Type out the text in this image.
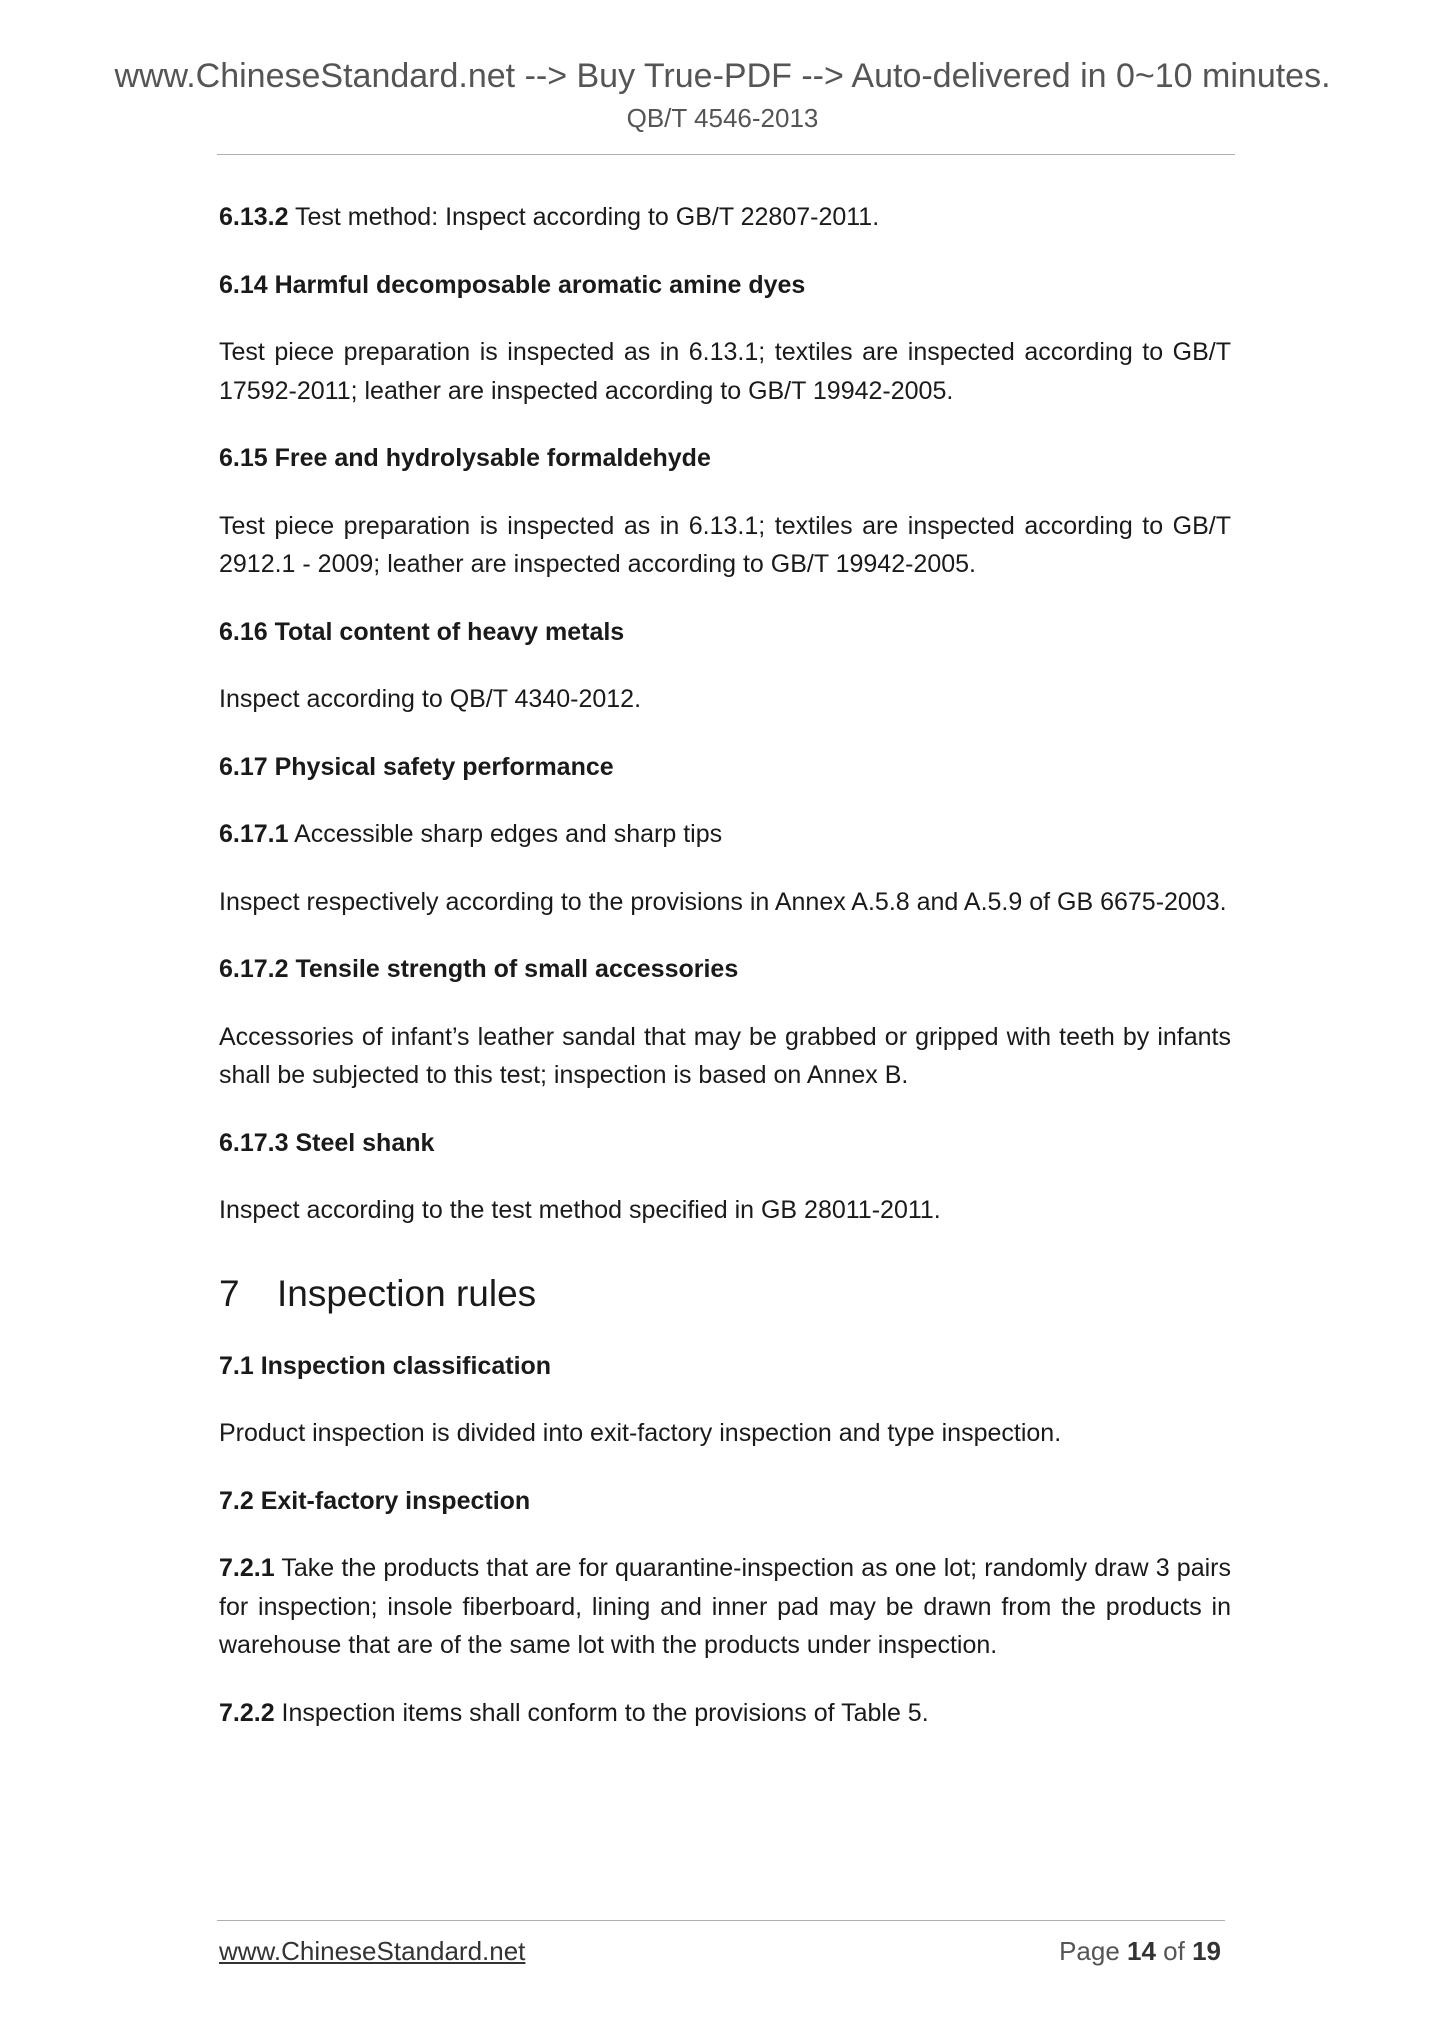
www.ChineseStandard.net --> Buy True-PDF --> Auto-delivered in 0~10 minutes.
QB/T 4546-2013

6.13.2 Test method: Inspect according to GB/T 22807-2011.

6.14 Harmful decomposable aromatic amine dyes

Test piece preparation is inspected as in 6.13.1; textiles are inspected according to GB/T 17592-2011; leather are inspected according to GB/T 19942-2005.

6.15 Free and hydrolysable formaldehyde

Test piece preparation is inspected as in 6.13.1; textiles are inspected according to GB/T 2912.1 - 2009; leather are inspected according to GB/T 19942-2005.

6.16 Total content of heavy metals

Inspect according to QB/T 4340-2012.

6.17 Physical safety performance

6.17.1 Accessible sharp edges and sharp tips

Inspect respectively according to the provisions in Annex A.5.8 and A.5.9 of GB 6675-2003.

6.17.2 Tensile strength of small accessories

Accessories of infant’s leather sandal that may be grabbed or gripped with teeth by infants shall be subjected to this test; inspection is based on Annex B.

6.17.3 Steel shank

Inspect according to the test method specified in GB 28011-2011.

7 Inspection rules

7.1 Inspection classification

Product inspection is divided into exit-factory inspection and type inspection.

7.2 Exit-factory inspection

7.2.1 Take the products that are for quarantine-inspection as one lot; randomly draw 3 pairs for inspection; insole fiberboard, lining and inner pad may be drawn from the products in warehouse that are of the same lot with the products under inspection.

7.2.2 Inspection items shall conform to the provisions of Table 5.

www.ChineseStandard.net	Page 14 of 19
